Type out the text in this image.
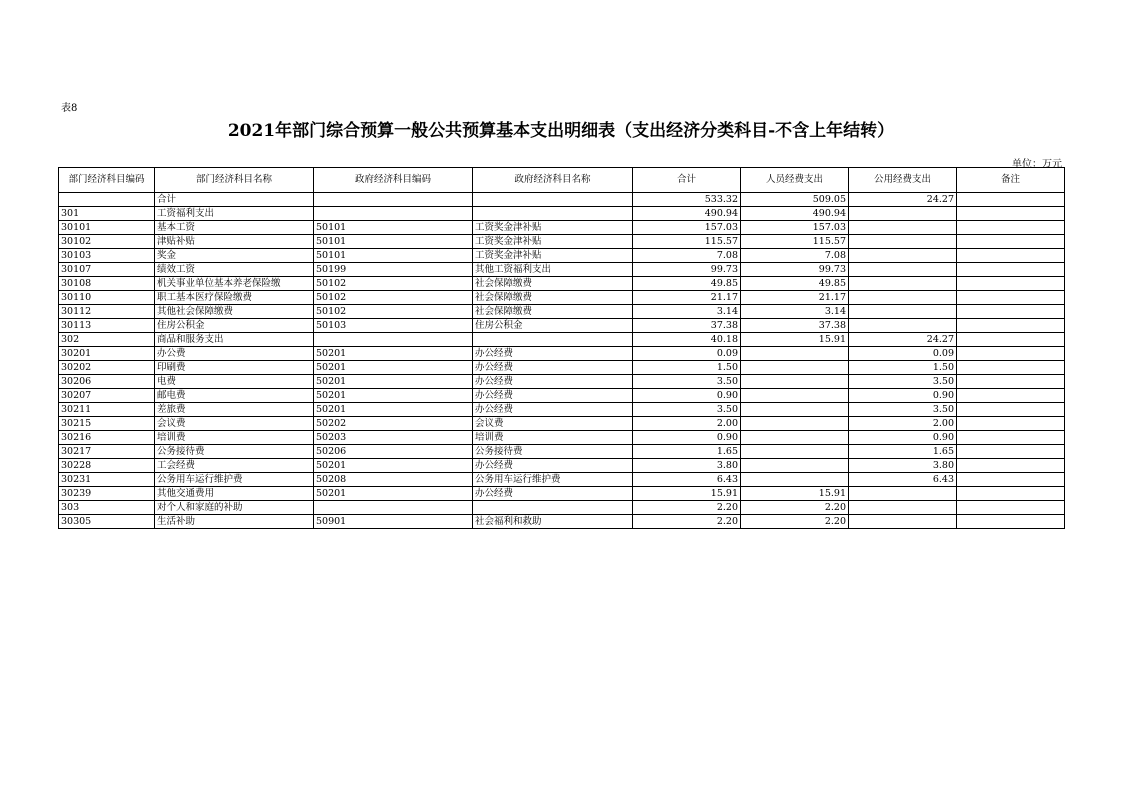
表8
2021年部门综合预算一般公共预算基本支出明细表（支出经济分类科目-不含上年结转）
单位：万元
部门经济科目编码	部门经济科目名称	政府经济科目编码	政府经济科目名称	合计	人员经费支出	公用经费支出	备注
	合计			533.32	509.05	24.27	
301	工资福利支出			490.94	490.94		
30101	基本工资	50101	工资奖金津补贴	157.03	157.03		
30102	津贴补贴	50101	工资奖金津补贴	115.57	115.57		
30103	奖金	50101	工资奖金津补贴	7.08	7.08		
30107	绩效工资	50199	其他工资福利支出	99.73	99.73		
30108	机关事业单位基本养老保险缴	50102	社会保障缴费	49.85	49.85		
30110	职工基本医疗保险缴费	50102	社会保障缴费	21.17	21.17		
30112	其他社会保障缴费	50102	社会保障缴费	3.14	3.14		
30113	住房公积金	50103	住房公积金	37.38	37.38		
302	商品和服务支出			40.18	15.91	24.27	
30201	办公费	50201	办公经费	0.09		0.09	
30202	印刷费	50201	办公经费	1.50		1.50	
30206	电费	50201	办公经费	3.50		3.50	
30207	邮电费	50201	办公经费	0.90		0.90	
30211	差旅费	50201	办公经费	3.50		3.50	
30215	会议费	50202	会议费	2.00		2.00	
30216	培训费	50203	培训费	0.90		0.90	
30217	公务接待费	50206	公务接待费	1.65		1.65	
30228	工会经费	50201	办公经费	3.80		3.80	
30231	公务用车运行维护费	50208	公务用车运行维护费	6.43		6.43	
30239	其他交通费用	50201	办公经费	15.91	15.91		
303	对个人和家庭的补助			2.20	2.20		
30305	生活补助	50901	社会福利和救助	2.20	2.20		
